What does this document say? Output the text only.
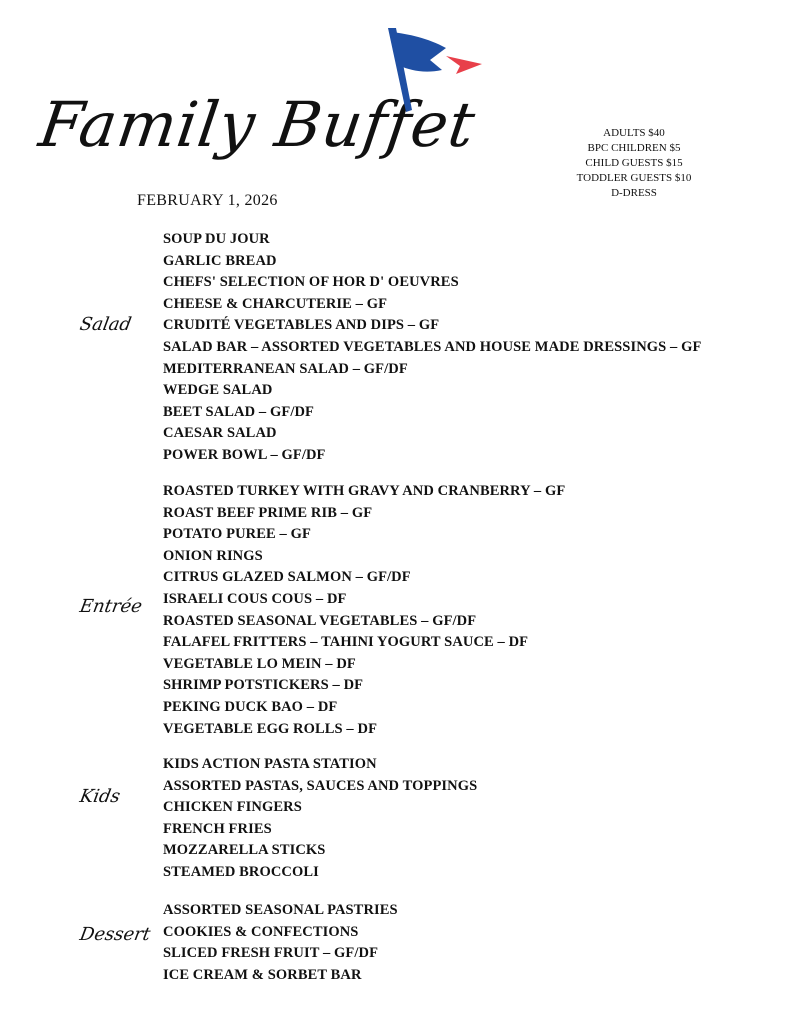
Family Buffet
FEBRUARY 1, 2026
ADULTS $40
BPC CHILDREN $5
CHILD GUESTS $15
TODDLER GUESTS $10
D-DRESS
Salad
SOUP DU JOUR
GARLIC BREAD
CHEFS' SELECTION OF HOR D' OEUVRES
CHEESE & CHARCUTERIE – GF
CRUDITÉ VEGETABLES AND DIPS – GF
SALAD BAR – ASSORTED VEGETABLES AND HOUSE MADE DRESSINGS – GF
MEDITERRANEAN SALAD – GF/DF
WEDGE SALAD
BEET SALAD – GF/DF
CAESAR SALAD
POWER BOWL – GF/DF
Entrée
ROASTED TURKEY WITH GRAVY AND CRANBERRY – GF
ROAST BEEF PRIME RIB – GF
POTATO PUREE – GF
ONION RINGS
CITRUS GLAZED SALMON – GF/DF
ISRAELI COUS COUS – DF
ROASTED SEASONAL VEGETABLES – GF/DF
FALAFEL FRITTERS – TAHINI YOGURT SAUCE – DF
VEGETABLE LO MEIN – DF
SHRIMP POTSTICKERS – DF
PEKING DUCK BAO – DF
VEGETABLE EGG ROLLS – DF
Kids
KIDS ACTION PASTA STATION
ASSORTED PASTAS, SAUCES AND TOPPINGS
CHICKEN FINGERS
FRENCH FRIES
MOZZARELLA STICKS
STEAMED BROCCOLI
Dessert
ASSORTED SEASONAL PASTRIES
COOKIES & CONFECTIONS
SLICED FRESH FRUIT – GF/DF
ICE CREAM & SORBET BAR
